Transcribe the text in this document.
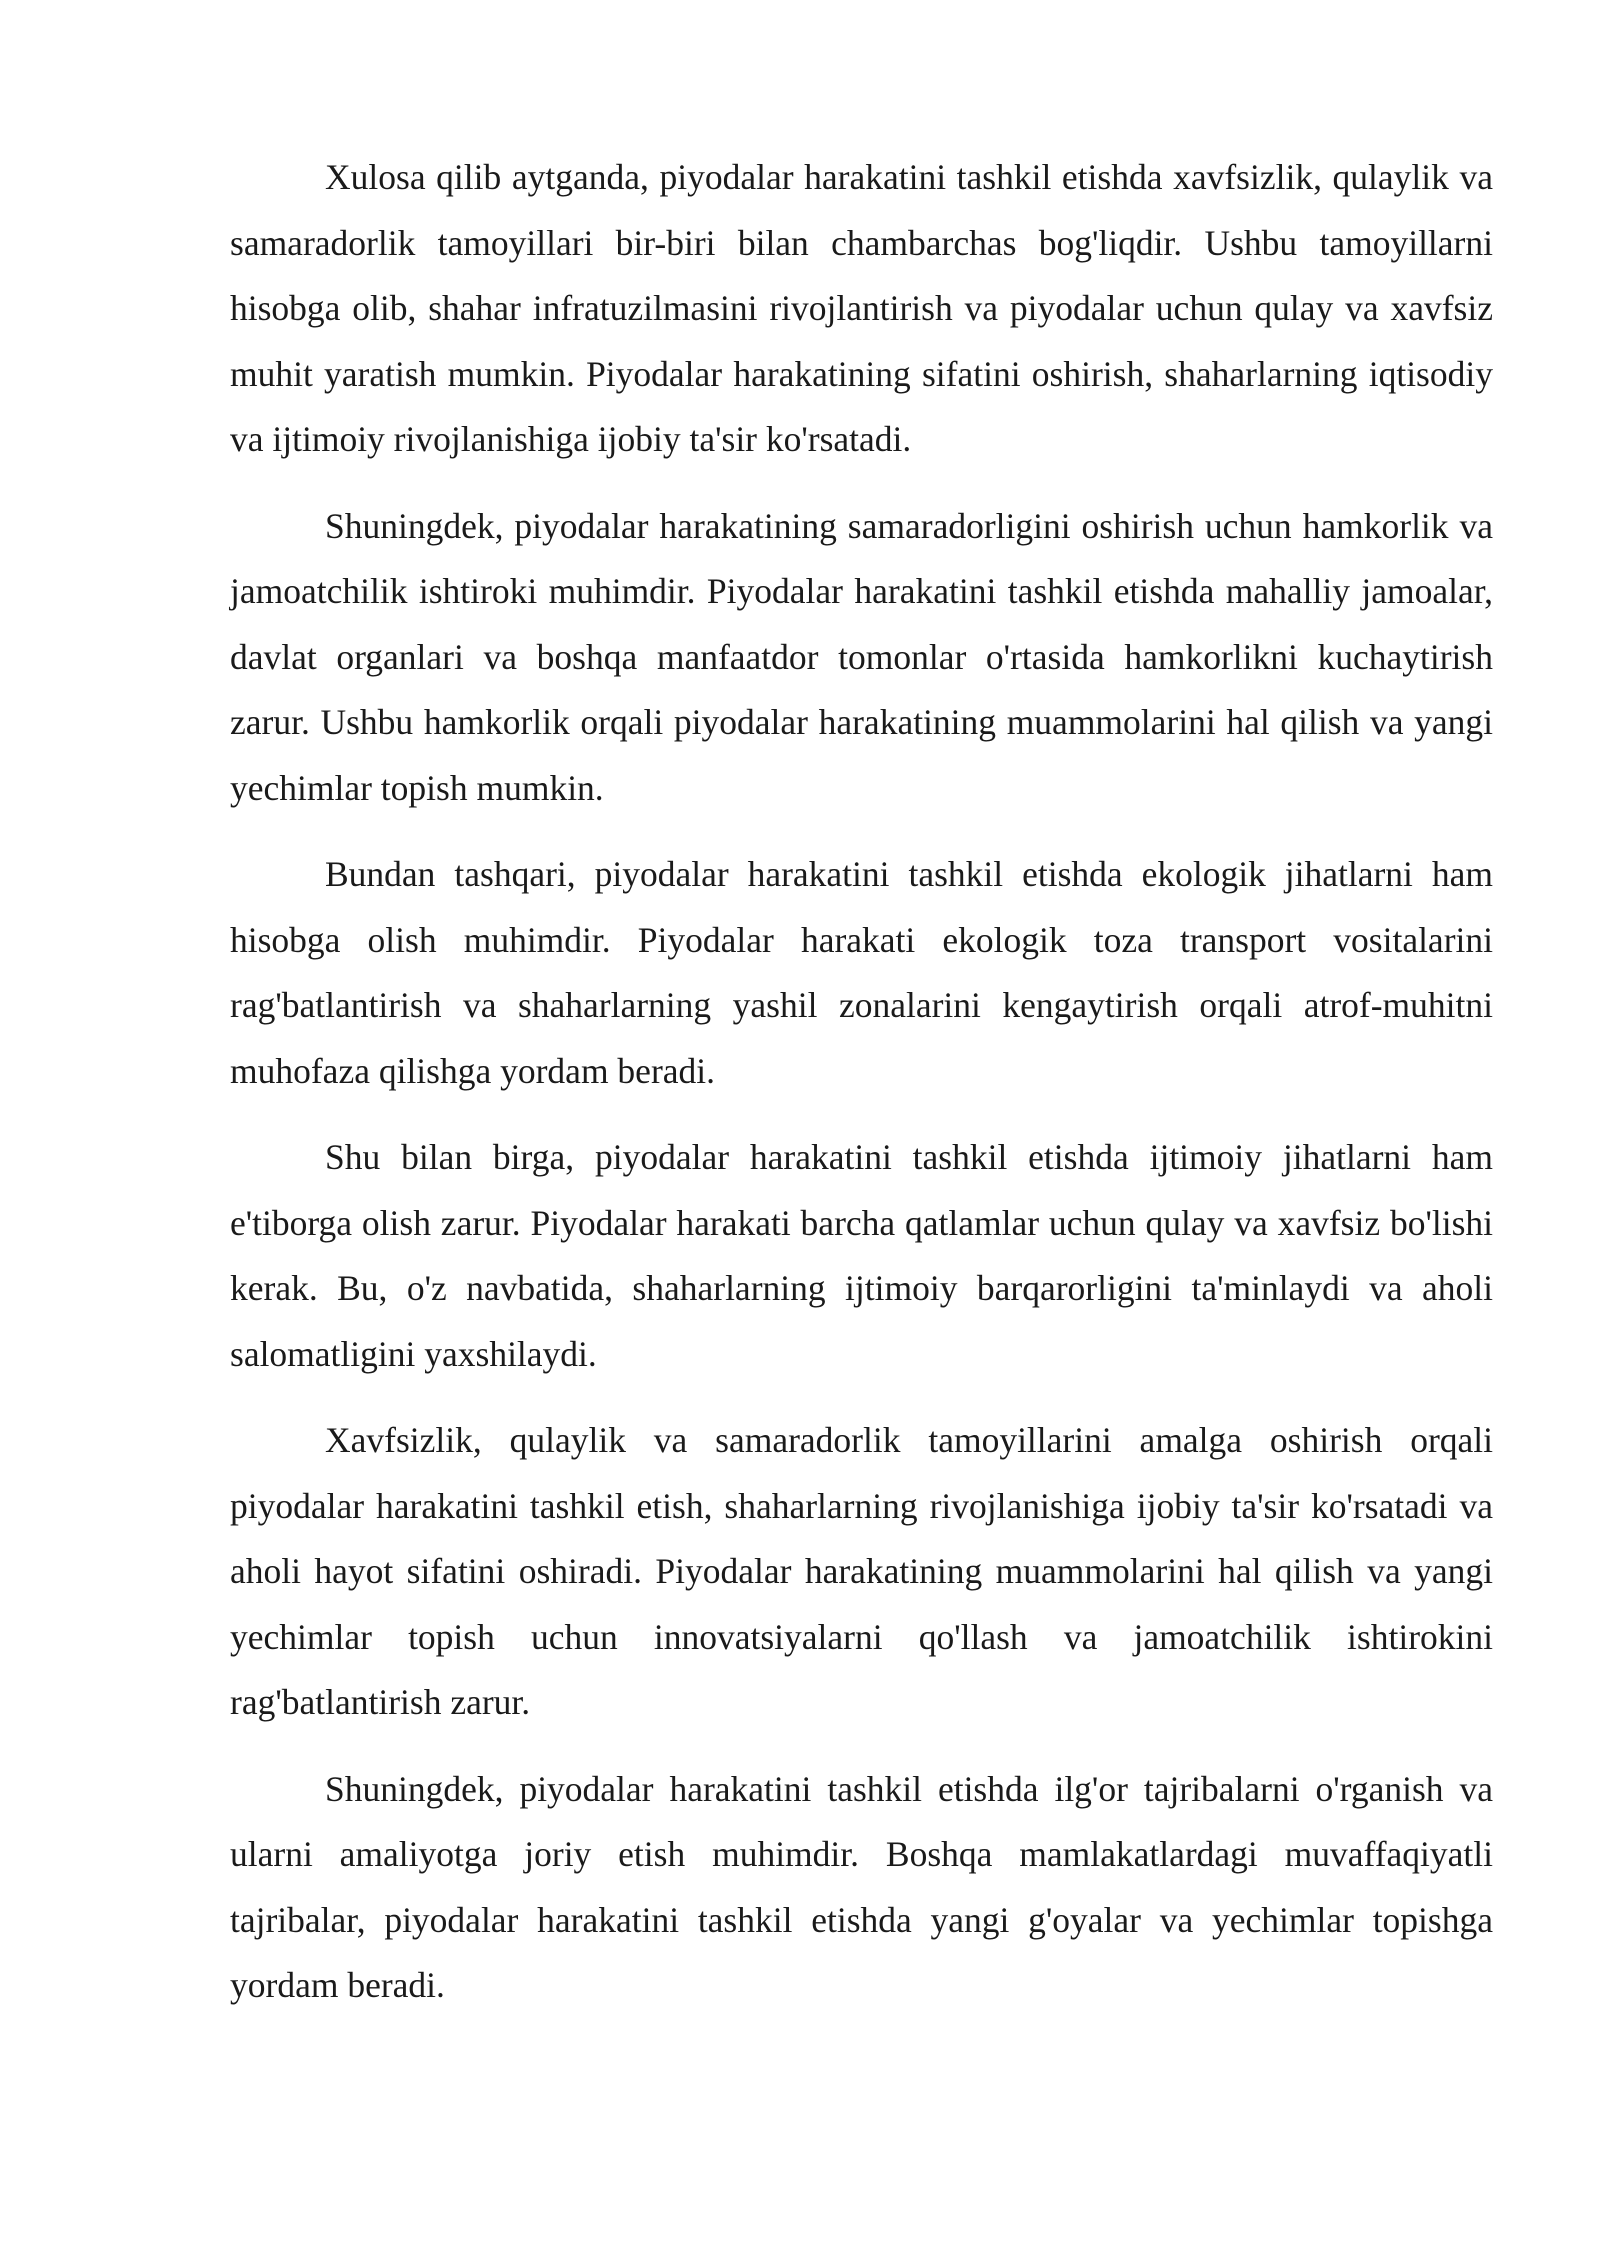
Xulosa qilib aytganda, piyodalar harakatini tashkil etishda xavfsizlik, qulaylik va samaradorlik tamoyillari bir-biri bilan chambarchas bog'liqdir. Ushbu tamoyillarni hisobga olib, shahar infratuzilmasini rivojlantirish va piyodalar uchun qulay va xavfsiz muhit yaratish mumkin. Piyodalar harakatining sifatini oshirish, shaharlarning iqtisodiy va ijtimoiy rivojlanishiga ijobiy ta'sir ko'rsatadi.

Shuningdek, piyodalar harakatining samaradorligini oshirish uchun hamkorlik va jamoatchilik ishtiroki muhimdir. Piyodalar harakatini tashkil etishda mahalliy jamoalar, davlat organlari va boshqa manfaatdor tomonlar o'rtasida hamkorlikni kuchaytirish zarur. Ushbu hamkorlik orqali piyodalar harakatining muammolarini hal qilish va yangi yechimlar topish mumkin.

Bundan tashqari, piyodalar harakatini tashkil etishda ekologik jihatlarni ham hisobga olish muhimdir. Piyodalar harakati ekologik toza transport vositalarini rag'batlantirish va shaharlarning yashil zonalarini kengaytirish orqali atrof-muhitni muhofaza qilishga yordam beradi.

Shu bilan birga, piyodalar harakatini tashkil etishda ijtimoiy jihatlarni ham e'tiborga olish zarur. Piyodalar harakati barcha qatlamlar uchun qulay va xavfsiz bo'lishi kerak. Bu, o'z navbatida, shaharlarning ijtimoiy barqarorligini ta'minlaydi va aholi salomatligini yaxshilaydi.

Xavfsizlik, qulaylik va samaradorlik tamoyillarini amalga oshirish orqali piyodalar harakatini tashkil etish, shaharlarning rivojlanishiga ijobiy ta'sir ko'rsatadi va aholi hayot sifatini oshiradi. Piyodalar harakatining muammolarini hal qilish va yangi yechimlar topish uchun innovatsiyalarni qo'llash va jamoatchilik ishtirokini rag'batlantirish zarur.

Shuningdek, piyodalar harakatini tashkil etishda ilg'or tajribalarni o'rganish va ularni amaliyotga joriy etish muhimdir. Boshqa mamlakatlardagi muvaffaqiyatli tajribalar, piyodalar harakatini tashkil etishda yangi g'oyalar va yechimlar topishga yordam beradi.
